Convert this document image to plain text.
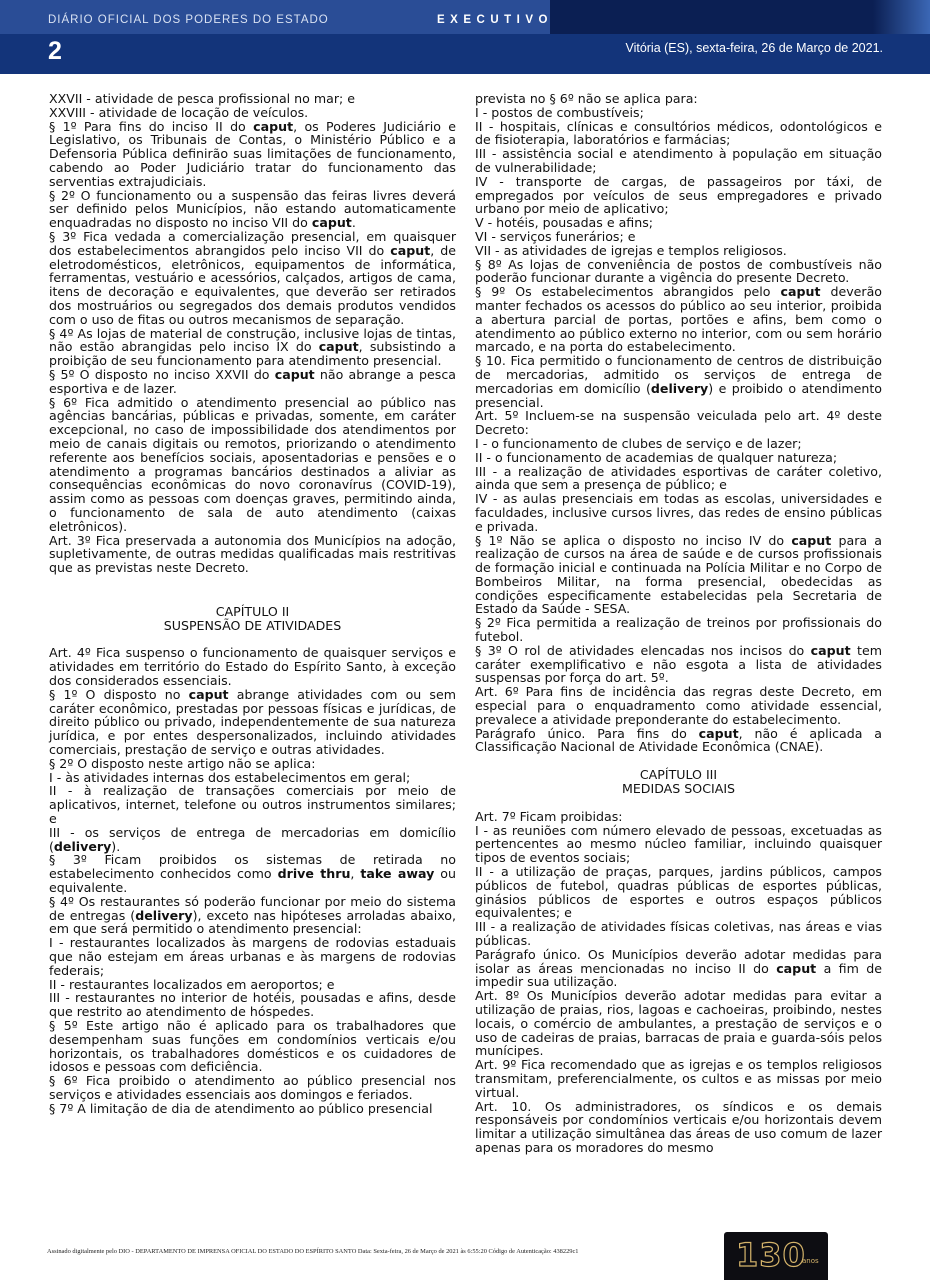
DIÁRIO OFICIAL DOS PODERES DO ESTADO	EXECUTIVO
2	Vitória (ES), sexta-feira, 26 de Março de 2021.

XXVII - atividade de pesca profissional no mar; e

XXVIII - atividade de locação de veículos.

§ 1º Para fins do inciso II do caput, os Poderes Judiciário e Legislativo, os Tribunais de Contas, o Ministério Público e a Defensoria Pública definirão suas limitações de funcionamento, cabendo ao Poder Judiciário tratar do funcionamento das serventias extrajudiciais.

§ 2º O funcionamento ou a suspensão das feiras livres deverá ser definido pelos Municípios, não estando automaticamente enquadradas no disposto no inciso VII do caput.

§ 3º Fica vedada a comercialização presencial, em quaisquer dos estabelecimentos abrangidos pelo inciso VII do caput, de eletrodomésticos, eletrônicos, equipamentos de informática, ferramentas, vestuário e acessórios, calçados, artigos de cama, itens de decoração e equivalentes, que deverão ser retirados dos mostruários ou segregados dos demais produtos vendidos com o uso de fitas ou outros mecanismos de separação.

§ 4º As lojas de material de construção, inclusive lojas de tintas, não estão abrangidas pelo inciso IX do caput, subsistindo a proibição de seu funcionamento para atendimento presencial.

§ 5º O disposto no inciso XXVII do caput não abrange a pesca esportiva e de lazer.

§ 6º Fica admitido o atendimento presencial ao público nas agências bancárias, públicas e privadas, somente, em caráter excepcional, no caso de impossibilidade dos atendimentos por meio de canais digitais ou remotos, priorizando o atendimento referente aos benefícios sociais, aposentadorias e pensões e o atendimento a programas bancários destinados a aliviar as consequências econômicas do novo coronavírus (COVID-19), assim como as pessoas com doenças graves, permitindo ainda, o funcionamento de sala de auto atendimento (caixas eletrônicos).

Art. 3º Fica preservada a autonomia dos Municípios na adoção, supletivamente, de outras medidas qualificadas mais restritivas que as previstas neste Decreto.

CAPÍTULO II

SUSPENSÃO DE ATIVIDADES

Art. 4º Fica suspenso o funcionamento de quaisquer serviços e atividades em território do Estado do Espírito Santo, à exceção dos considerados essenciais.

§ 1º O disposto no caput abrange atividades com ou sem caráter econômico, prestadas por pessoas físicas e jurídicas, de direito público ou privado, independentemente de sua natureza jurídica, e por entes despersonalizados, incluindo atividades comerciais, prestação de serviço e outras atividades.

§ 2º O disposto neste artigo não se aplica:

I - às atividades internas dos estabelecimentos em geral;

II - à realização de transações comerciais por meio de aplicativos, internet, telefone ou outros instrumentos similares; e

III - os serviços de entrega de mercadorias em domicílio (delivery).

§ 3º Ficam proibidos os sistemas de retirada no estabelecimento conhecidos como drive thru, take away ou equivalente.

§ 4º Os restaurantes só poderão funcionar por meio do sistema de entregas (delivery), exceto nas hipóteses arroladas abaixo, em que será permitido o atendimento presencial:

I - restaurantes localizados às margens de rodovias estaduais que não estejam em áreas urbanas e às margens de rodovias federais;

II - restaurantes localizados em aeroportos; e

III - restaurantes no interior de hotéis, pousadas e afins, desde que restrito ao atendimento de hóspedes.

§ 5º Este artigo não é aplicado para os trabalhadores que desempenham suas funções em condomínios verticais e/ou horizontais, os trabalhadores domésticos e os cuidadores de idosos e pessoas com deficiência.

§ 6º Fica proibido o atendimento ao público presencial nos serviços e atividades essenciais aos domingos e feriados.

§ 7º A limitação de dia de atendimento ao público presencial

prevista no § 6º não se aplica para:

I - postos de combustíveis;

II - hospitais, clínicas e consultórios médicos, odontológicos e de fisioterapia, laboratórios e farmácias;

III - assistência social e atendimento à população em situação de vulnerabilidade;

IV - transporte de cargas, de passageiros por táxi, de empregados por veículos de seus empregadores e privado urbano por meio de aplicativo;

V - hotéis, pousadas e afins;

VI - serviços funerários; e

VII - as atividades de igrejas e templos religiosos.

§ 8º As lojas de conveniência de postos de combustíveis não poderão funcionar durante a vigência do presente Decreto.

§ 9º Os estabelecimentos abrangidos pelo caput deverão manter fechados os acessos do público ao seu interior, proibida a abertura parcial de portas, portões e afins, bem como o atendimento ao público externo no interior, com ou sem horário marcado, e na porta do estabelecimento.

§ 10. Fica permitido o funcionamento de centros de distribuição de mercadorias, admitido os serviços de entrega de mercadorias em domicílio (delivery) e proibido o atendimento presencial.

Art. 5º Incluem-se na suspensão veiculada pelo art. 4º deste Decreto:

I - o funcionamento de clubes de serviço e de lazer;

II - o funcionamento de academias de qualquer natureza;

III - a realização de atividades esportivas de caráter coletivo, ainda que sem a presença de público; e

IV - as aulas presenciais em todas as escolas, universidades e faculdades, inclusive cursos livres, das redes de ensino públicas e privada.

§ 1º Não se aplica o disposto no inciso IV do caput para a realização de cursos na área de saúde e de cursos profissionais de formação inicial e continuada na Polícia Militar e no Corpo de Bombeiros Militar, na forma presencial, obedecidas as condições especificamente estabelecidas pela Secretaria de Estado da Saúde - SESA.

§ 2º Fica permitida a realização de treinos por profissionais do futebol.

§ 3º O rol de atividades elencadas nos incisos do caput tem caráter exemplificativo e não esgota a lista de atividades suspensas por força do art. 5º.

Art. 6º Para fins de incidência das regras deste Decreto, em especial para o enquadramento como atividade essencial, prevalece a atividade preponderante do estabelecimento.

Parágrafo único. Para fins do caput, não é aplicada a Classificação Nacional de Atividade Econômica (CNAE).

CAPÍTULO III

MEDIDAS SOCIAIS

Art. 7º Ficam proibidas:

I - as reuniões com número elevado de pessoas, excetuadas as pertencentes ao mesmo núcleo familiar, incluindo quaisquer tipos de eventos sociais;

II - a utilização de praças, parques, jardins públicos, campos públicos de futebol, quadras públicas de esportes públicas, ginásios públicos de esportes e outros espaços públicos equivalentes; e

III - a realização de atividades físicas coletivas, nas áreas e vias públicas.

Parágrafo único. Os Municípios deverão adotar medidas para isolar as áreas mencionadas no inciso II do caput a fim de impedir sua utilização.

Art. 8º Os Municípios deverão adotar medidas para evitar a utilização de praias, rios, lagoas e cachoeiras, proibindo, nestes locais, o comércio de ambulantes, a prestação de serviços e o uso de cadeiras de praias, barracas de praia e guarda-sóis pelos munícipes.

Art. 9º Fica recomendado que as igrejas e os templos religiosos transmitam, preferencialmente, os cultos e as missas por meio virtual.

Art. 10. Os administradores, os síndicos e os demais responsáveis por condomínios verticais e/ou horizontais devem limitar a utilização simultânea das áreas de uso comum de lazer apenas para os moradores do mesmo

Assinado digitalmente pelo DIO - DEPARTAMENTO DE IMPRENSA OFICIAL DO ESTADO DO ESPÍRITO SANTO Data: Sexta-feira, 26 de Março de 2021 às 6:55:20 Código de Autenticação: 438229c1	130
anos
